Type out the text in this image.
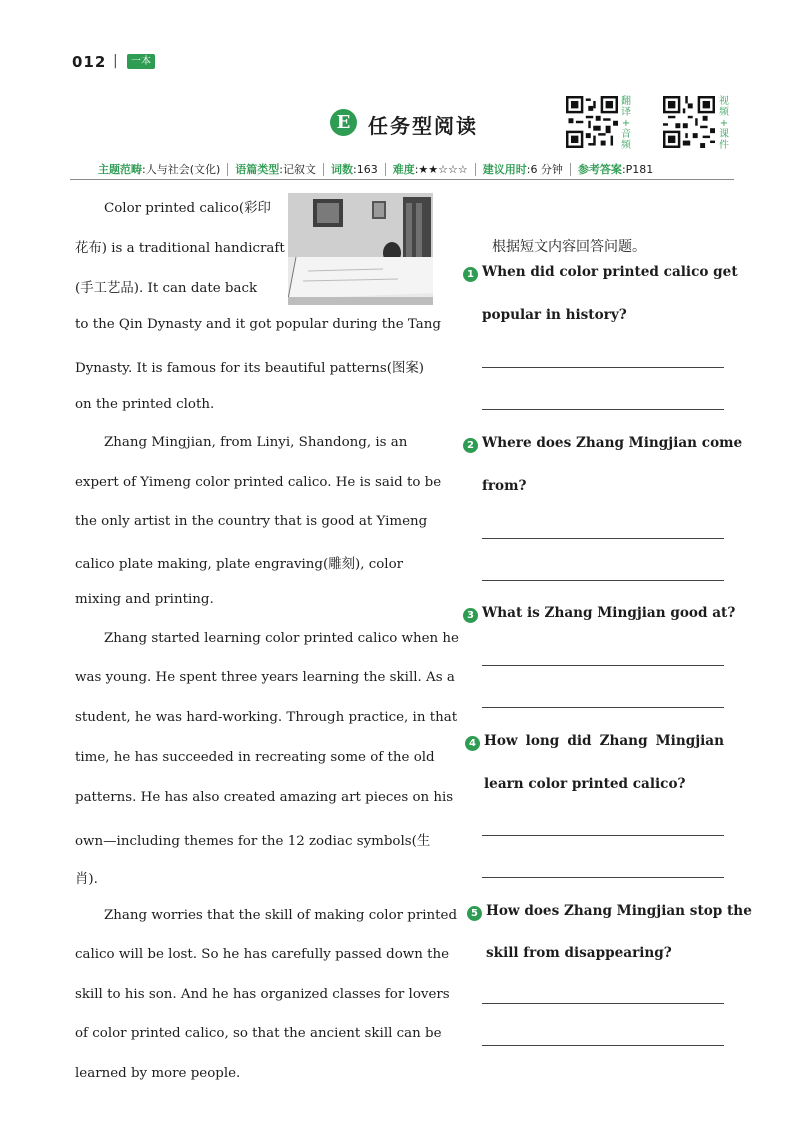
012 |	一本
E 任务型阅读
翻
译
+
音
频
视
频
+
课
件
主题范畴:人与社会(文化)	语篇类型:记叙文	词数:163	难度:★★☆☆☆	建议用时:6 分钟	参考答案:P181
Color printed calico(彩印
花布) is a traditional handicraft
(手工艺品). It can date back
to the Qin Dynasty and it got popular during the Tang
Dynasty. It is famous for its beautiful patterns(图案)
on the printed cloth.
Zhang Mingjian, from Linyi, Shandong, is an
expert of Yimeng color printed calico. He is said to be
the only artist in the country that is good at Yimeng
calico plate making, plate engraving(雕刻), color
mixing and printing.
Zhang started learning color printed calico when he
was young. He spent three years learning the skill. As a
student, he was hard-working. Through practice, in that
time, he has succeeded in recreating some of the old
patterns. He has also created amazing art pieces on his
own—including themes for the 12 zodiac symbols(生
肖).
Zhang worries that the skill of making color printed
calico will be lost. So he has carefully passed down the
skill to his son. And he has organized classes for lovers
of color printed calico, so that the ancient skill can be
learned by more people.
根据短文内容回答问题。
1 When did color printed calico get
popular in history?
2 Where does Zhang Mingjian come
from?
3 What is Zhang Mingjian good at?
4 How long did Zhang Mingjian
learn color printed calico?
5 How does Zhang Mingjian stop the
skill from disappearing?
